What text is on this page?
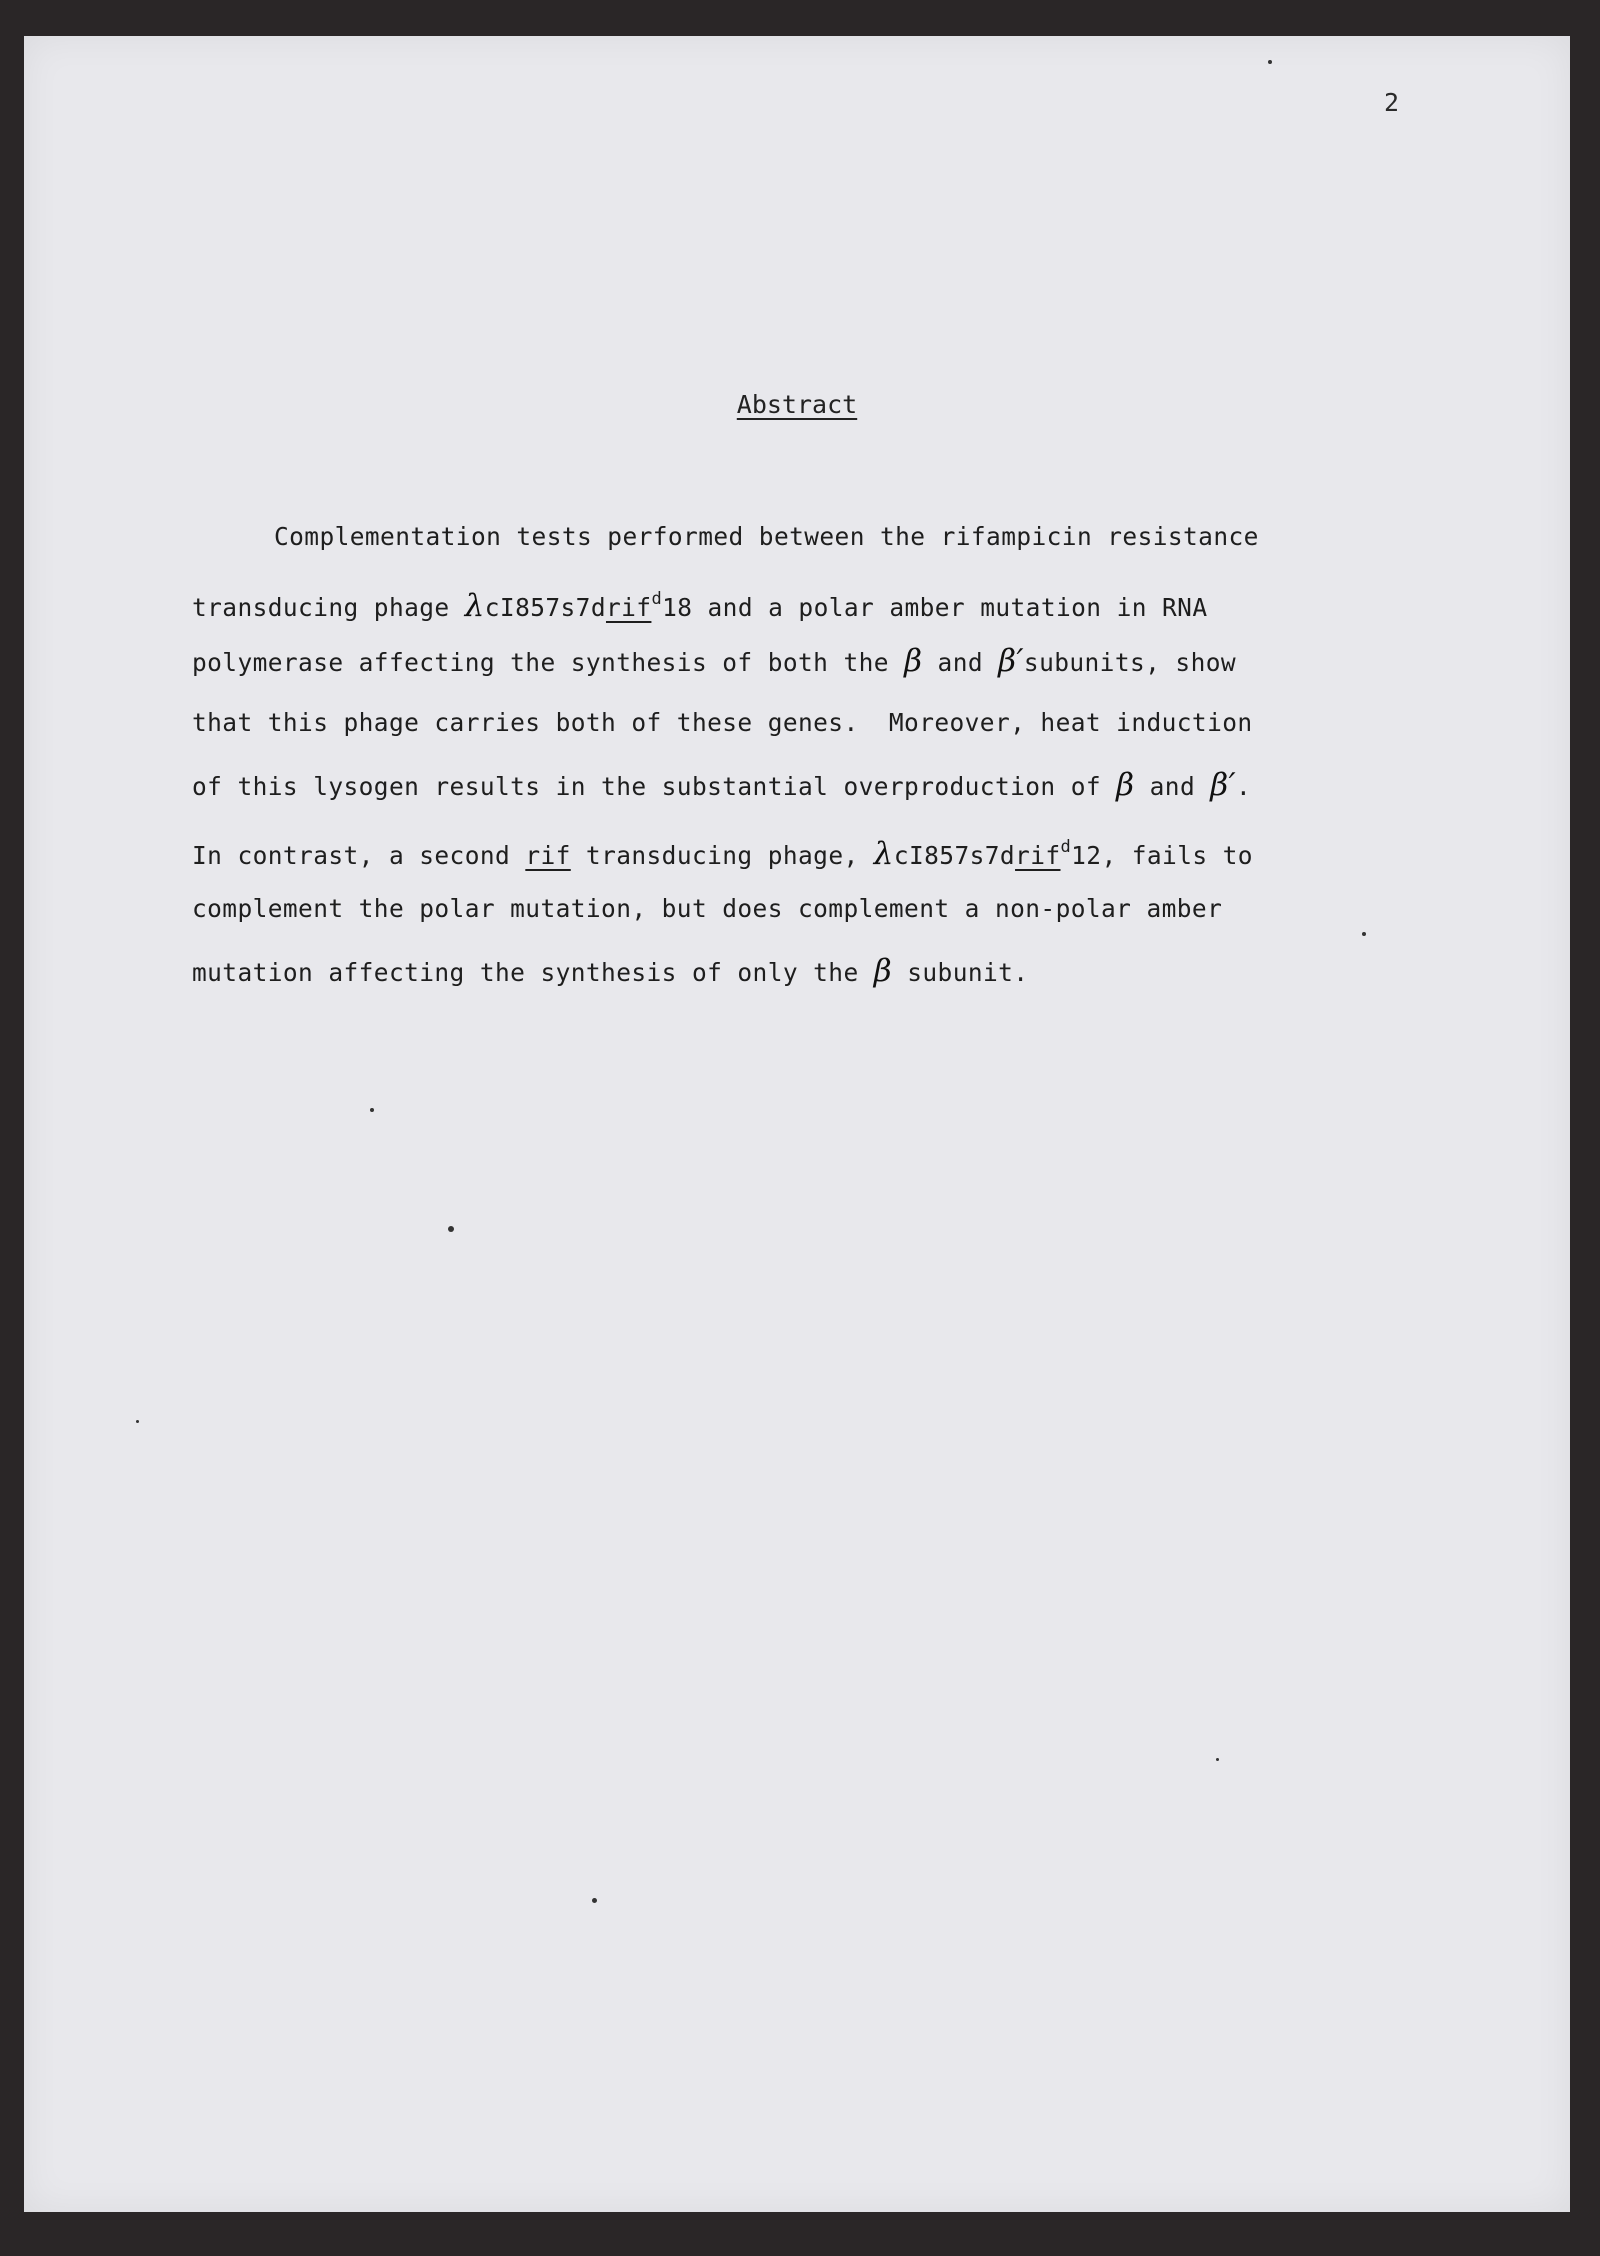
2
Abstract
Complementation tests performed between the rifampicin resistance
transducing phage λcI857s7drif$^d$18 and a polar amber mutation in RNA
polymerase affecting the synthesis of both the β and β′subunits, show
that this phage carries both of these genes.  Moreover, heat induction
of this lysogen results in the substantial overproduction of β and β′.
In contrast, a second rif transducing phage, λcI857s7drif$^d$12, fails to
complement the polar mutation, but does complement a non-polar amber
mutation affecting the synthesis of only the β subunit.
